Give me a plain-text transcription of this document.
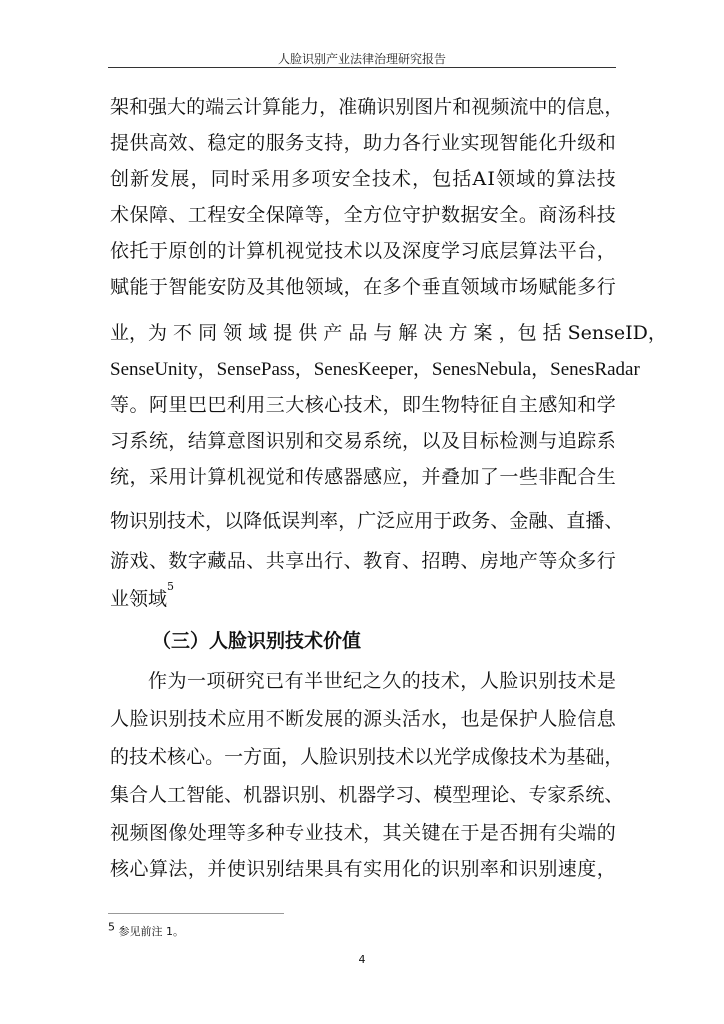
人脸识别产业法律治理研究报告
架 和 强 大 的 端 云 计 算 能 力 ， 准 确 识 别 图 片 和 视 频 流 中 的 信 息 ，
提 供 高 效 、 稳 定 的 服 务 支 持 ， 助 力 各 行 业 实 现 智 能 化 升 级 和
创 新 发 展 ， 同 时 采 用 多 项 安 全 技 术 ， 包 括 A I 领 域 的 算 法 技
术 保 障 、 工 程 安 全 保 障 等 ， 全 方 位 守 护 数 据 安 全 。 商 汤 科 技
依 托 于 原 创 的 计 算 机 视 觉 技 术 以 及 深 度 学 习 底 层 算 法 平 台 ，
赋 能 于 智 能 安 防 及 其 他 领 域 ， 在 多 个 垂 直 领 域 市 场 赋 能 多 行
业， 为 不 同 领 域 提 供 产 品 与 解 决 方 案 ， 包 括 SenseID，
SenseUnity， SensePass， SenesKeeper， SenesNebula， SenesRadar
等 。 阿 里 巴 巴 利 用 三 大 核 心 技 术 ， 即 生 物 特 征 自 主 感 知 和 学
习 系 统 ， 结 算 意 图 识 别 和 交 易 系 统 ， 以 及 目 标 检 测 与 追 踪 系
统 ， 采 用 计 算 机 视 觉 和 传 感 器 感 应 ， 并 叠 加 了 一 些 非 配 合 生
物 识 别 技 术 ， 以 降 低 误 判 率 ， 广 泛 应 用 于 政 务 、 金 融 、 直 播 、
游 戏 、 数 字 藏 品 、 共 享 出 行 、 教 育 、 招 聘 、 房 地 产 等 众 多 行
业领域
5
（三）人脸识别技术价值
作 为 一 项 研 究 已 有 半 世 纪 之 久 的 技 术 ， 人 脸 识 别 技 术 是
人 脸 识 别 技 术 应 用 不 断 发 展 的 源 头 活 水 ， 也 是 保 护 人 脸 信 息
的 技 术 核 心 。 一 方 面 ， 人 脸 识 别 技 术 以 光 学 成 像 技 术 为 基 础 ，
集 合 人 工 智 能 、 机 器 识 别 、 机 器 学 习 、 模 型 理 论 、 专 家 系 统 、
视 频 图 像 处 理 等 多 种 专 业 技 术 ， 其 关 键 在 于 是 否 拥 有 尖 端 的
核 心 算 法 ， 并 使 识 别 结 果 具 有 实 用 化 的 识 别 率 和 识 别 速 度 ，
$^5$ 参见前注 1。
4
